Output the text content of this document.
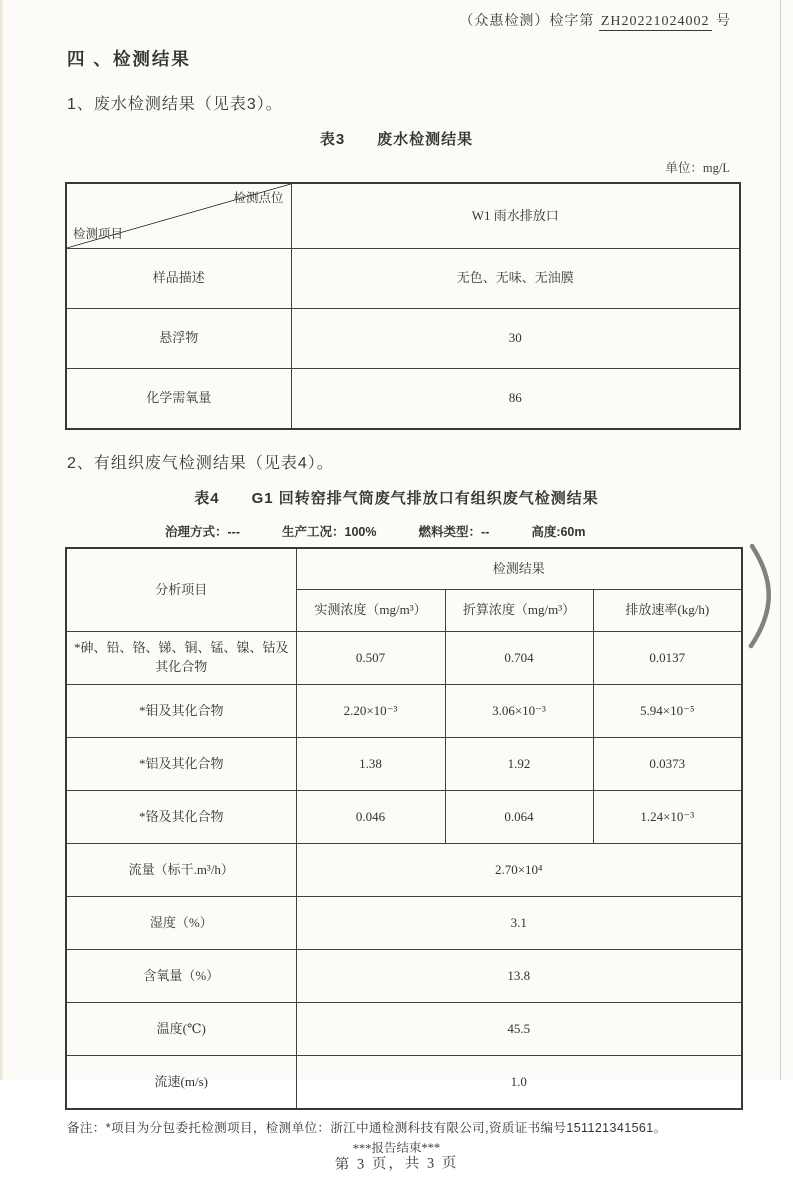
（众惠检测）检字第 ZH20221024002 号
四 、检测结果
1、废水检测结果（见表3）。
表3　　废水检测结果
单位：mg/L
检测点位
检测项目	W1 雨水排放口
样品描述	无色、无味、无油膜
悬浮物	30
化学需氧量	86
2、有组织废气检测结果（见表4）。
表4　　G1 回转窑排气筒废气排放口有组织废气检测结果
治理方式：---	生产工况：100%	燃料类型：--	高度:60m
分析项目	检测结果		
	实测浓度（mg/m³）	折算浓度（mg/m³）	排放速率(kg/h)
*砷、铅、铬、锑、铜、锰、镍、钴及其化合物	0.507	0.704	0.0137
*钼及其化合物	2.20×10⁻³	3.06×10⁻³	5.94×10⁻⁵
*铝及其化合物	1.38	1.92	0.0373
*铬及其化合物	0.046	0.064	1.24×10⁻³
流量（标干.m³/h）	2.70×10⁴		
湿度（%）	3.1		
含氧量（%）	13.8		
温度(℃)	45.5		
流速(m/s)	1.0		
备注：*项目为分包委托检测项目，检测单位：浙江中通检测科技有限公司,资质证书编号151121341561。
***报告结束***
第 3 页，共 3 页
